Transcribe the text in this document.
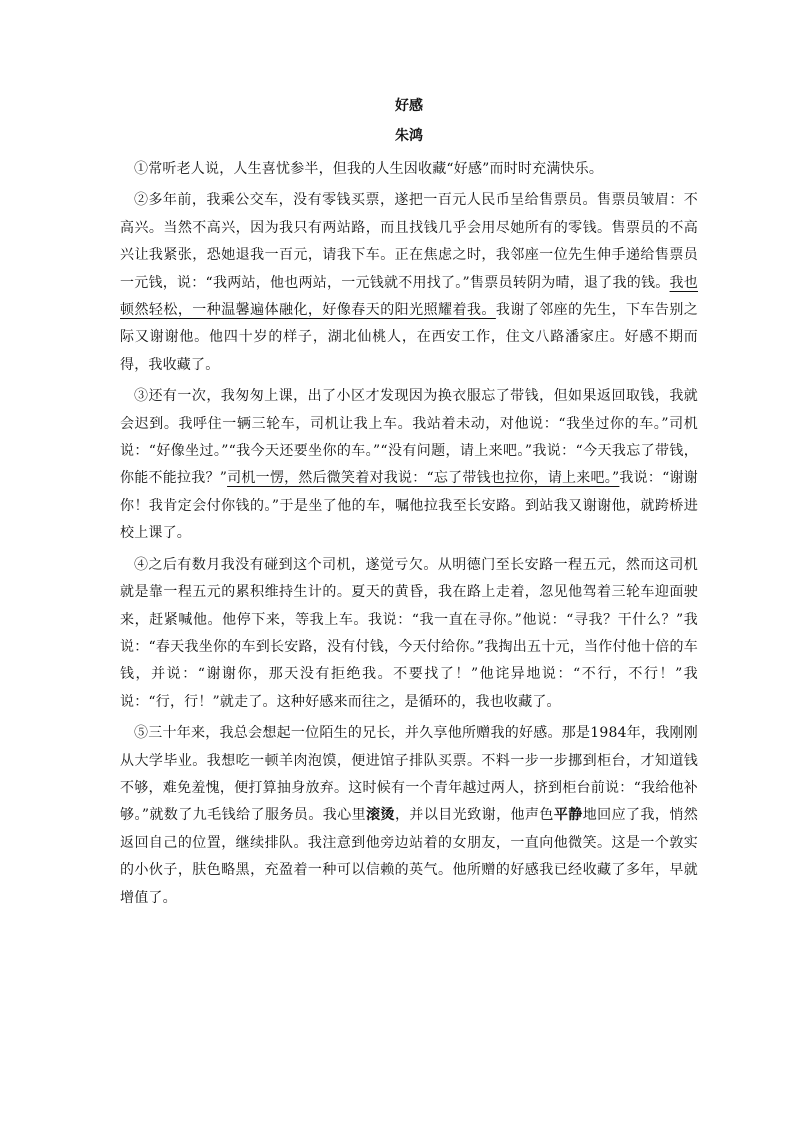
好感
朱鸿

①常听老人说，人生喜忧参半，但我的人生因收藏“好感”而时时充满快乐。

②多年前，我乘公交车，没有零钱买票，遂把一百元人民币呈给售票员。售票员皱眉：不高兴。当然不高兴，因为我只有两站路，而且找钱几乎会用尽她所有的零钱。售票员的不高兴让我紧张，恐她退我一百元，请我下车。正在焦虑之时，我邻座一位先生伸手递给售票员一元钱，说：“我两站，他也两站，一元钱就不用找了。”售票员转阴为晴，退了我的钱。我也顿然轻松，一种温馨遍体融化，好像春天的阳光照耀着我。我谢了邻座的先生，下车告别之际又谢谢他。他四十岁的样子，湖北仙桃人，在西安工作，住文八路潘家庄。好感不期而得，我收藏了。

③还有一次，我匆匆上课，出了小区才发现因为换衣服忘了带钱，但如果返回取钱，我就会迟到。我呼住一辆三轮车，司机让我上车。我站着未动，对他说：“我坐过你的车。”司机说：“好像坐过。”“我今天还要坐你的车。”“没有问题，请上来吧。”我说：“今天我忘了带钱，你能不能拉我？”司机一愣，然后微笑着对我说：“忘了带钱也拉你，请上来吧。”我说：“谢谢你！我肯定会付你钱的。”于是坐了他的车，嘱他拉我至长安路。到站我又谢谢他，就跨桥进校上课了。

④之后有数月我没有碰到这个司机，遂觉亏欠。从明德门至长安路一程五元，然而这司机就是靠一程五元的累积维持生计的。夏天的黄昏，我在路上走着，忽见他驾着三轮车迎面驶来，赶紧喊他。他停下来，等我上车。我说：“我一直在寻你。”他说：“寻我？干什么？”我说：“春天我坐你的车到长安路，没有付钱，今天付给你。”我掏出五十元，当作付他十倍的车钱，并说：“谢谢你，那天没有拒绝我。不要找了！”他诧异地说：“不行，不行！”我说：“行，行！”就走了。这种好感来而往之，是循环的，我也收藏了。

⑤三十年来，我总会想起一位陌生的兄长，并久享他所赠我的好感。那是1984年，我刚刚从大学毕业。我想吃一顿羊肉泡馍，便进馆子排队买票。不料一步一步挪到柜台，才知道钱不够，难免羞愧，便打算抽身放弃。这时候有一个青年越过两人，挤到柜台前说：“我给他补够。”就数了九毛钱给了服务员。我心里滚烫，并以目光致谢，他声色平静地回应了我，悄然返回自己的位置，继续排队。我注意到他旁边站着的女朋友，一直向他微笑。这是一个敦实的小伙子，肤色略黑，充盈着一种可以信赖的英气。他所赠的好感我已经收藏了多年，早就增值了。
